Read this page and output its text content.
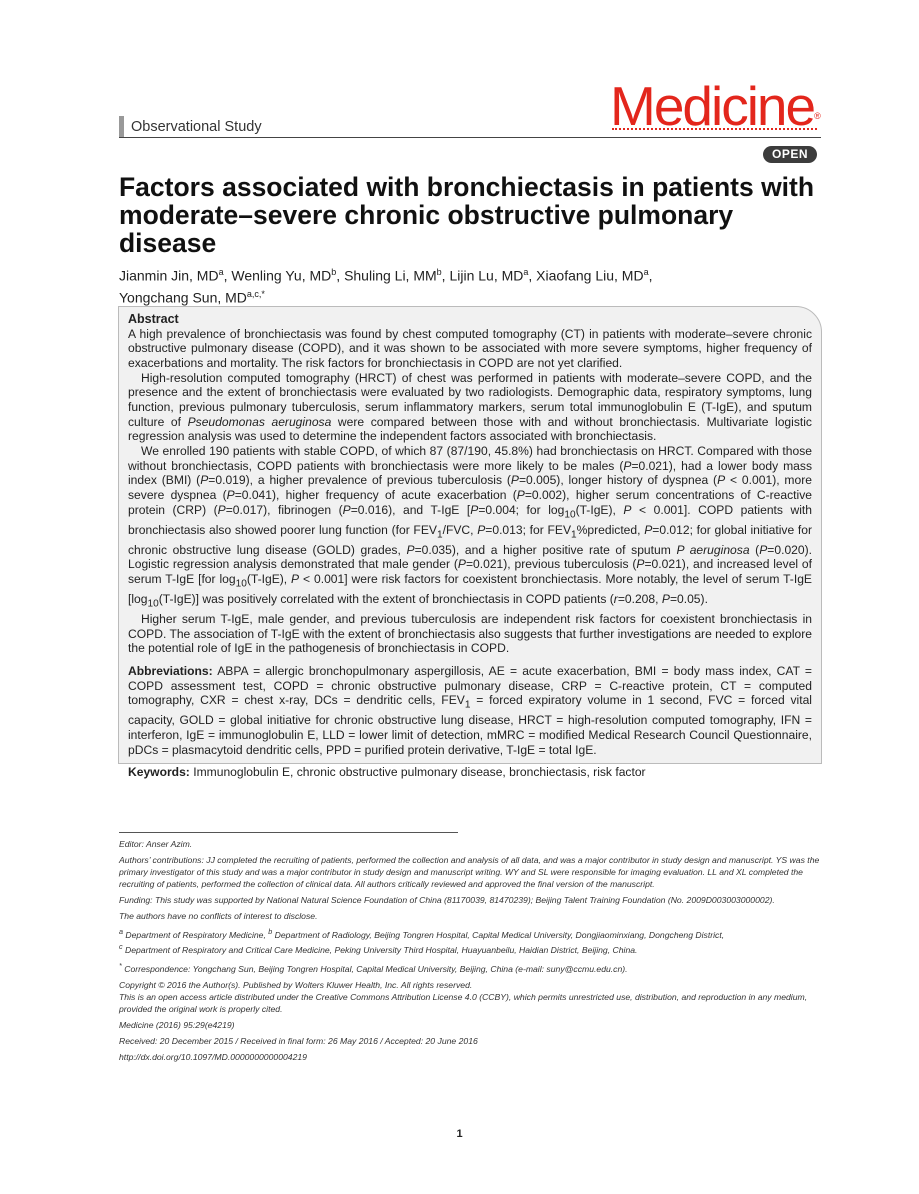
Observational Study	Medicine®
OPEN
Factors associated with bronchiectasis in patients with moderate–severe chronic obstructive pulmonary disease
Jianmin Jin, $MD^a$, Wenling Yu, $MD^b$, Shuling Li, $MM^b$, Lijin Lu, $MD^a$, Xiaofang Liu, $MD^a$,
Yongchang Sun, $MD^{a,c,*}$
Abstract

A high prevalence of bronchiectasis was found by chest computed tomography (CT) in patients with moderate–severe chronic obstructive pulmonary disease (COPD), and it was shown to be associated with more severe symptoms, higher frequency of exacerbations and mortality. The risk factors for bronchiectasis in COPD are not yet clarified.

High-resolution computed tomography (HRCT) of chest was performed in patients with moderate–severe COPD, and the presence and the extent of bronchiectasis were evaluated by two radiologists. Demographic data, respiratory symptoms, lung function, previous pulmonary tuberculosis, serum inflammatory markers, serum total immunoglobulin E (T-IgE), and sputum culture of Pseudomonas aeruginosa were compared between those with and without bronchiectasis. Multivariate logistic regression analysis was used to determine the independent factors associated with bronchiectasis.

We enrolled 190 patients with stable COPD, of which 87 (87/190, 45.8%) had bronchiectasis on HRCT. Compared with those without bronchiectasis, COPD patients with bronchiectasis were more likely to be males (P=0.021), had a lower body mass index (BMI) (P=0.019), a higher prevalence of previous tuberculosis (P=0.005), longer history of dyspnea (P < 0.001), more severe dyspnea (P=0.041), higher frequency of acute exacerbation (P=0.002), higher serum concentrations of C-reactive protein (CRP) (P=0.017), fibrinogen (P=0.016), and T-IgE [P=0.004; for $\log_{10}(T-IgE)$, P < 0.001]. COPD patients with bronchiectasis also showed poorer lung function (for $FEV_1$/FVC, P=0.013; for $FEV_1\%predicted$, P=0.012; for global initiative for chronic obstructive lung disease (GOLD) grades, P=0.035), and a higher positive rate of sputum P aeruginosa (P=0.020). Logistic regression analysis demonstrated that male gender (P=0.021), previous tuberculosis (P=0.021), and increased level of serum T-IgE [for $\log_{10}(T-IgE)$, P < 0.001] were risk factors for coexistent bronchiectasis. More notably, the level of serum T-IgE $[\log_{10}(T-IgE)]$ was positively correlated with the extent of bronchiectasis in COPD patients (r=0.208, P=0.05).

Higher serum T-IgE, male gender, and previous tuberculosis are independent risk factors for coexistent bronchiectasis in COPD. The association of T-IgE with the extent of bronchiectasis also suggests that further investigations are needed to explore the potential role of IgE in the pathogenesis of bronchiectasis in COPD.

Abbreviations: ABPA = allergic bronchopulmonary aspergillosis, AE = acute exacerbation, BMI = body mass index, CAT = COPD assessment test, COPD = chronic obstructive pulmonary disease, CRP = C-reactive protein, CT = computed tomography, CXR = chest x-ray, DCs = dendritic cells, $FEV_1$ = forced expiratory volume in 1 second, FVC = forced vital capacity, GOLD = global initiative for chronic obstructive lung disease, HRCT = high-resolution computed tomography, IFN = interferon, IgE = immunoglobulin E, LLD = lower limit of detection, mMRC = modified Medical Research Council Questionnaire, pDCs = plasmacytoid dendritic cells, PPD = purified protein derivative, T-IgE = total IgE.

Keywords: Immunoglobulin E, chronic obstructive pulmonary disease, bronchiectasis, risk factor

Editor: Anser Azim.

Authors’ contributions: JJ completed the recruiting of patients, performed the collection and analysis of all data, and was a major contributor in study design and manuscript. YS was the primary investigator of this study and was a major contributor in study design and manuscript writing. WY and SL were responsible for imaging evaluation. LL and XL completed the recruiting of patients, performed the collection of clinical data. All authors critically reviewed and approved the final version of the manuscript.

Funding: This study was supported by National Natural Science Foundation of China (81170039, 81470239); Beijing Talent Training Foundation (No. 2009D003003000002).

The authors have no conflicts of interest to disclose.

$^a$ Department of Respiratory Medicine, $^b$ Department of Radiology, Beijing Tongren Hospital, Capital Medical University, Dongjiaominxiang, Dongcheng District,
$^c$ Department of Respiratory and Critical Care Medicine, Peking University Third Hospital, Huayuanbeilu, Haidian District, Beijing, China.

* Correspondence: Yongchang Sun, Beijing Tongren Hospital, Capital Medical University, Beijing, China (e-mail: suny@ccmu.edu.cn).

Copyright © 2016 the Author(s). Published by Wolters Kluwer Health, Inc. All rights reserved.
This is an open access article distributed under the Creative Commons Attribution License 4.0 (CCBY), which permits unrestricted use, distribution, and reproduction in any medium, provided the original work is properly cited.

Medicine (2016) 95:29(e4219)

Received: 20 December 2015 / Received in final form: 26 May 2016 / Accepted: 20 June 2016

http://dx.doi.org/10.1097/MD.0000000000004219

1
